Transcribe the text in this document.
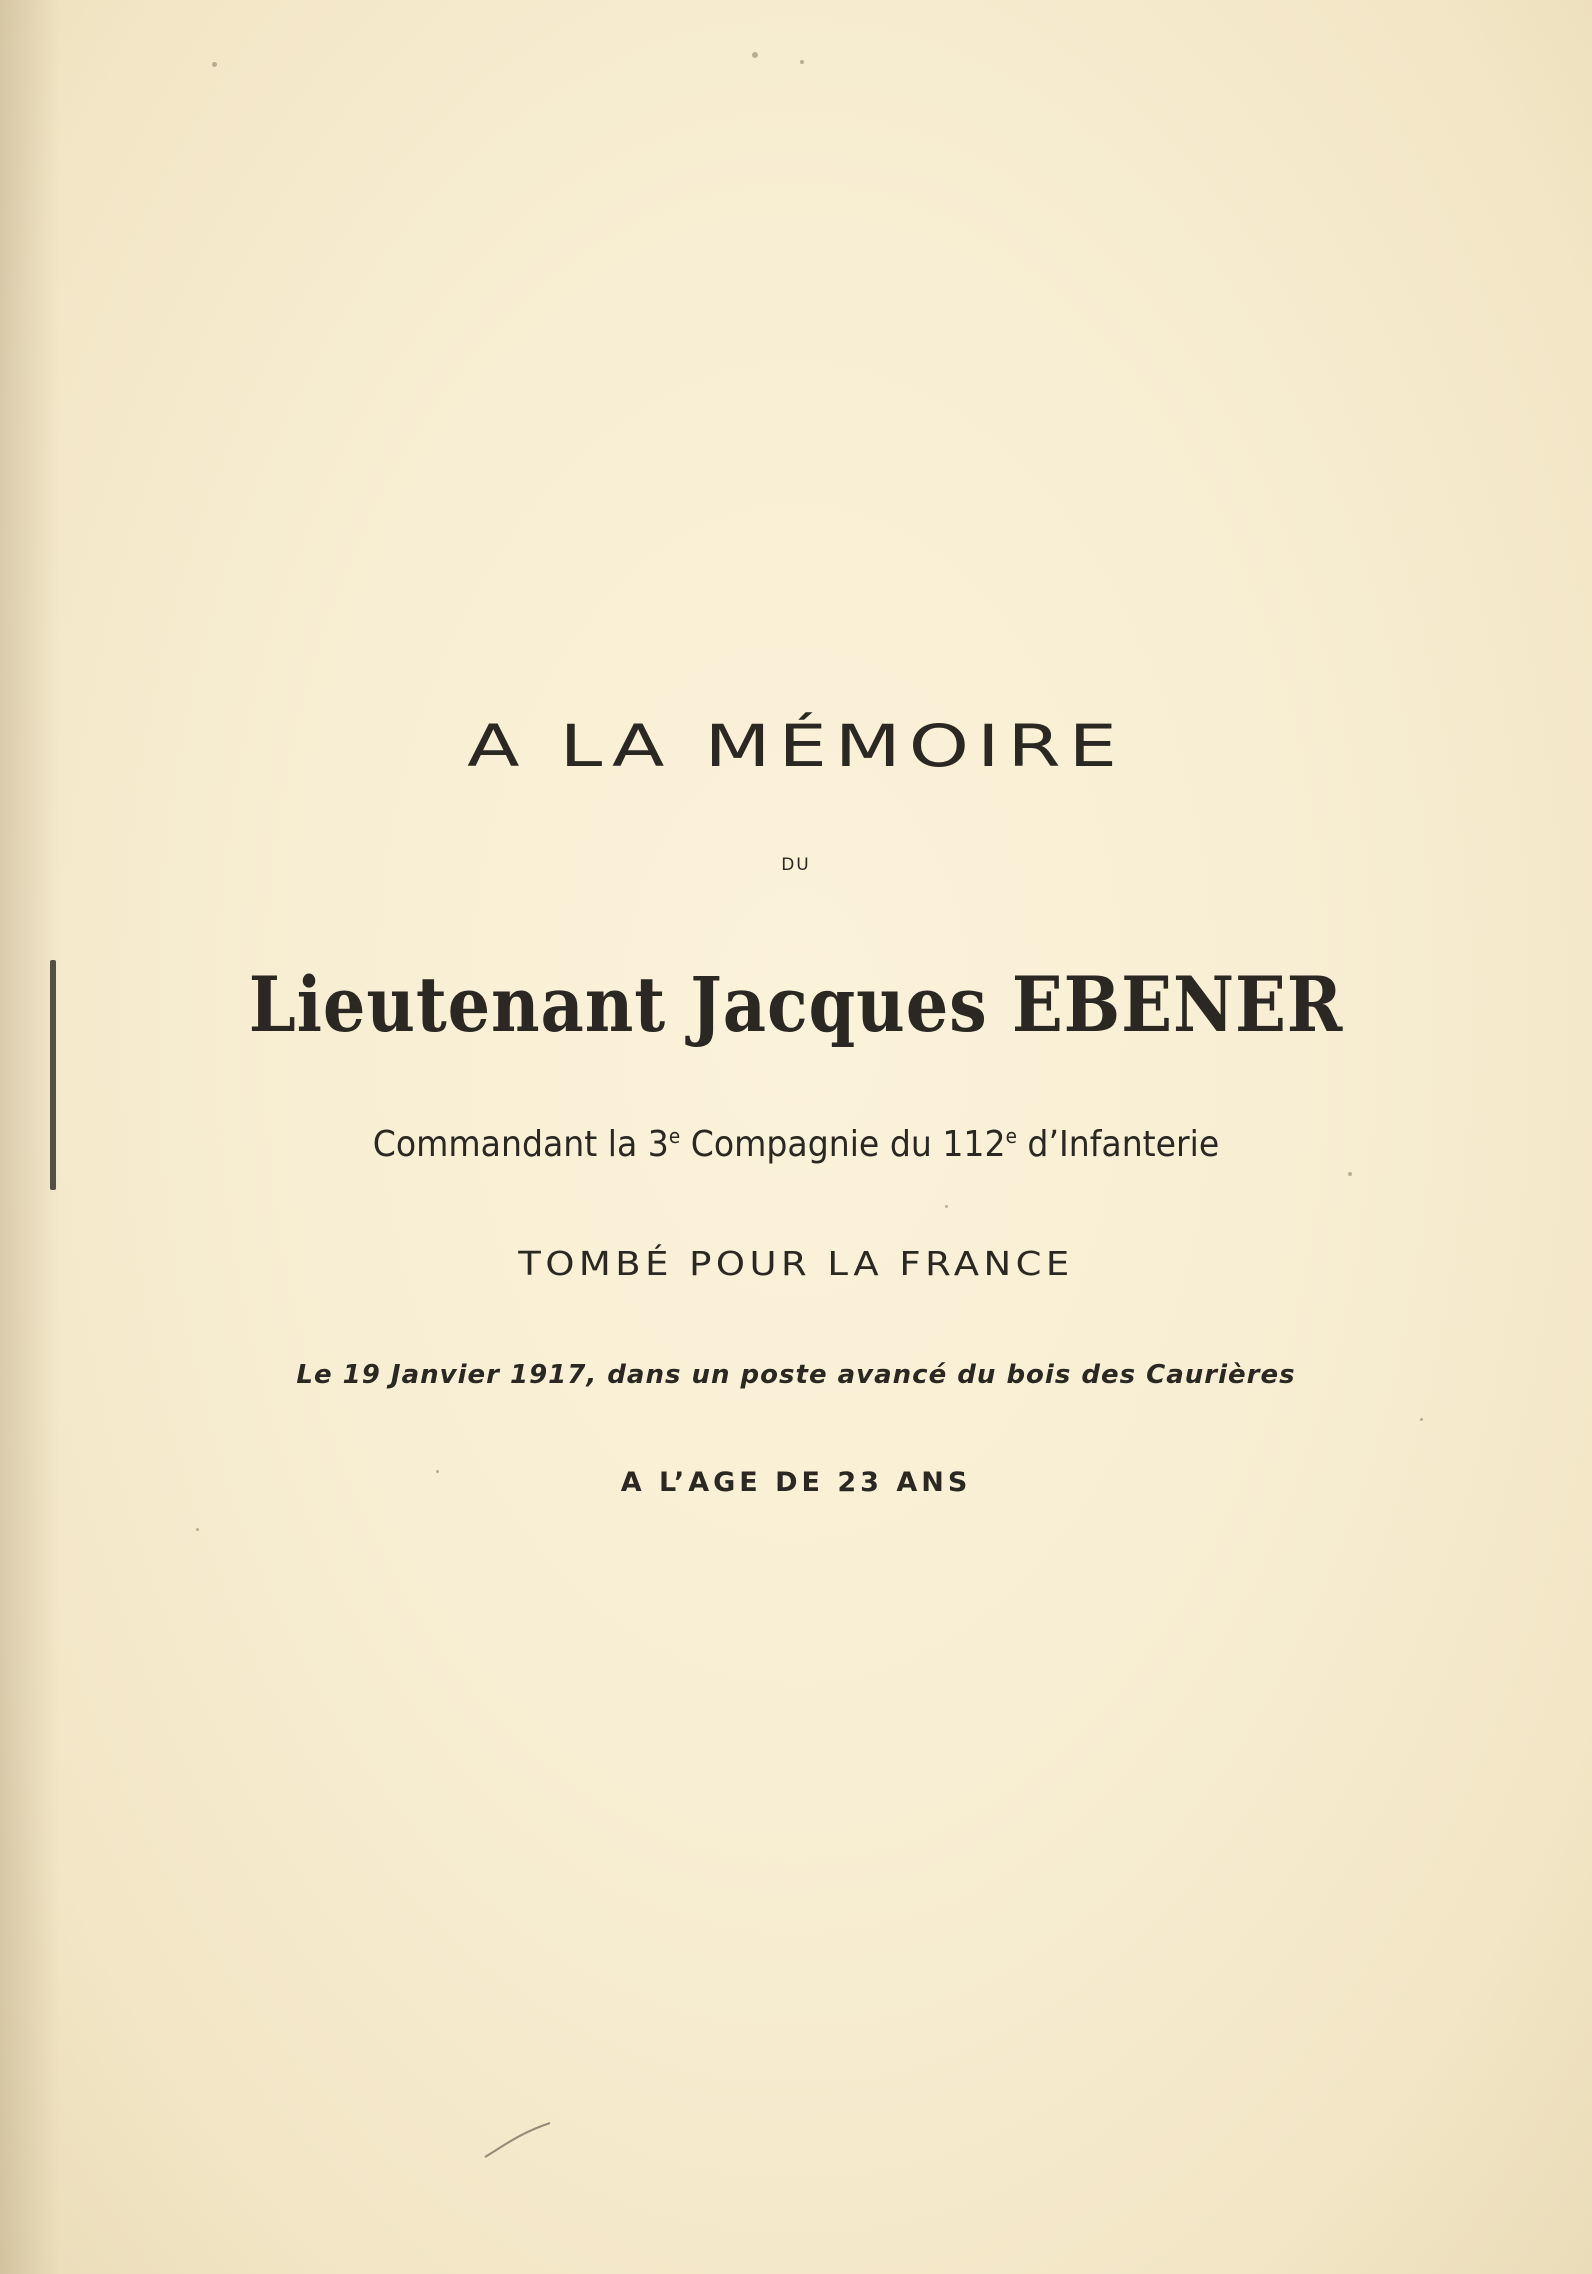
A LA MÉMOIRE
DU
Lieutenant Jacques EBENER
Commandant la 3e Compagnie du 112e d’Infanterie
TOMBÉ POUR LA FRANCE
Le 19 Janvier 1917, dans un poste avancé du bois des Caurières
A L’AGE DE 23 ANS
